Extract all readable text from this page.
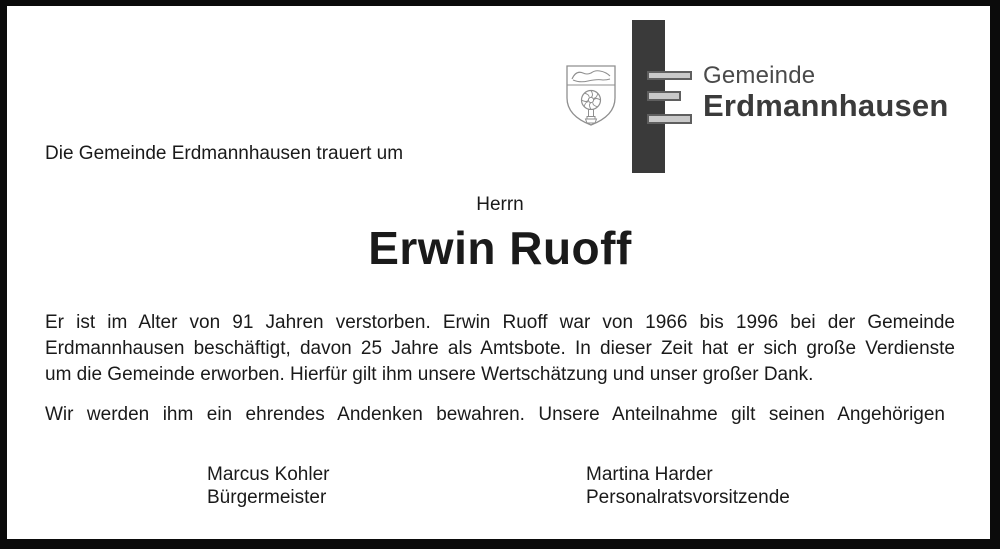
Gemeinde
Erdmannhausen
Die Gemeinde Erdmannhausen trauert um
Herrn
Erwin Ruoff
Er ist im Alter von 91 Jahren verstorben. Erwin Ruoff war von 1966 bis 1996 bei der Gemeinde
Erdmannhausen beschäftigt, davon 25 Jahre als Amtsbote. In dieser Zeit hat er sich große Verdienste
um die Gemeinde erworben. Hierfür gilt ihm unsere Wertschätzung und unser großer Dank.
Wir werden ihm ein ehrendes Andenken bewahren. Unsere Anteilnahme gilt seinen Angehörigen
Marcus Kohler
Bürgermeister
Martina Harder
Personalratsvorsitzende
